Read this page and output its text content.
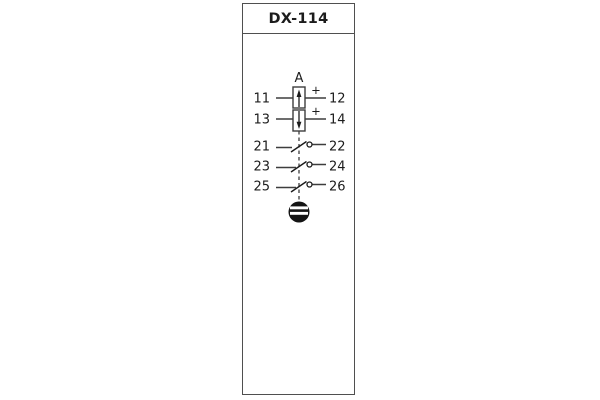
DX-114
A
11
+
12
13
+
14
21	22
23	24
25	26
